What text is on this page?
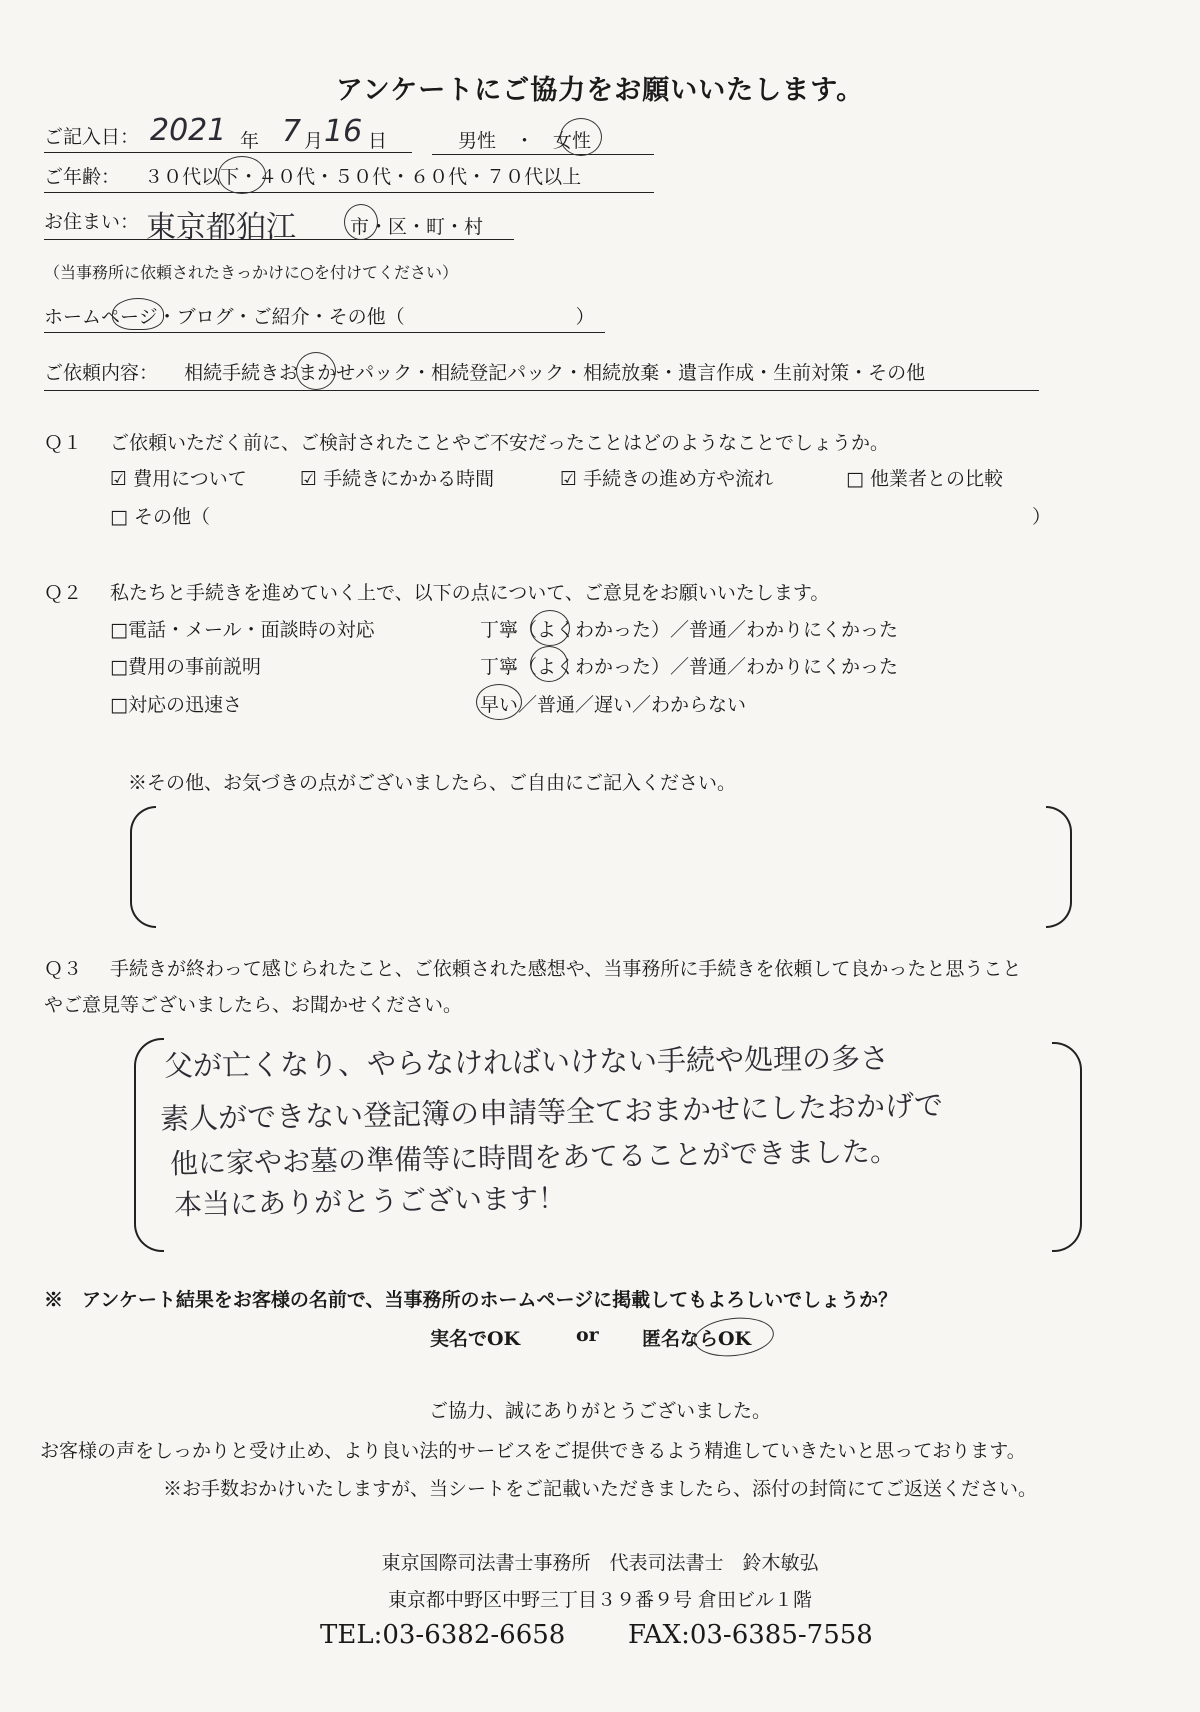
アンケートにご協力をお願いいたします。
ご記入日： 2021 年 7 月 16 日	男性　・　女性
ご年齢： ３０代以下・４０代・５０代・６０代・７０代以上
お住まい： 東京都狛江	市・区・町・村
（当事務所に依頼されたきっかけに○を付けてください）
ホームページ・ブログ・ご紹介・その他（　　　　　　　　　）
ご依頼内容： 相続手続きおまかせパック・相続登記パック・相続放棄・遺言作成・生前対策・その他
Ｑ１ ご依頼いただく前に、ご検討されたことやご不安だったことはどのようなことでしょうか。
☑ 費用について	☑ 手続きにかかる時間	☑ 手続きの進め方や流れ	□ 他業者との比較
□ その他（	）
Ｑ２ 私たちと手続きを進めていく上で、以下の点について、ご意見をお願いいたします。
□電話・メール・面談時の対応	丁寧（よくわかった）／普通／わかりにくかった
□費用の事前説明	丁寧（よくわかった）／普通／わかりにくかった
□対応の迅速さ	早い／普通／遅い／わからない
※その他、お気づきの点がございましたら、ご自由にご記入ください。
Ｑ３ 手続きが終わって感じられたこと、ご依頼された感想や、当事務所に手続きを依頼して良かったと思うこと
やご意見等ございましたら、お聞かせください。
父が亡くなり、やらなければいけない手続や処理の多さ
素人ができない登記簿の申請等全ておまかせにしたおかげで
他に家やお墓の準備等に時間をあてることができました。
本当にありがとうございます！
※　アンケート結果をお客様の名前で、当事務所のホームページに掲載してもよろしいでしょうか？
実名でOK	or 匿名ならOK
ご協力、誠にありがとうございました。
お客様の声をしっかりと受け止め、より良い法的サービスをご提供できるよう精進していきたいと思っております。
※お手数おかけいたしますが、当シートをご記載いただきましたら、添付の封筒にてご返送ください。
東京国際司法書士事務所　代表司法書士　鈴木敏弘
東京都中野区中野三丁目３９番９号 倉田ビル１階
TEL:03-6382-6658 FAX:03-6385-7558
